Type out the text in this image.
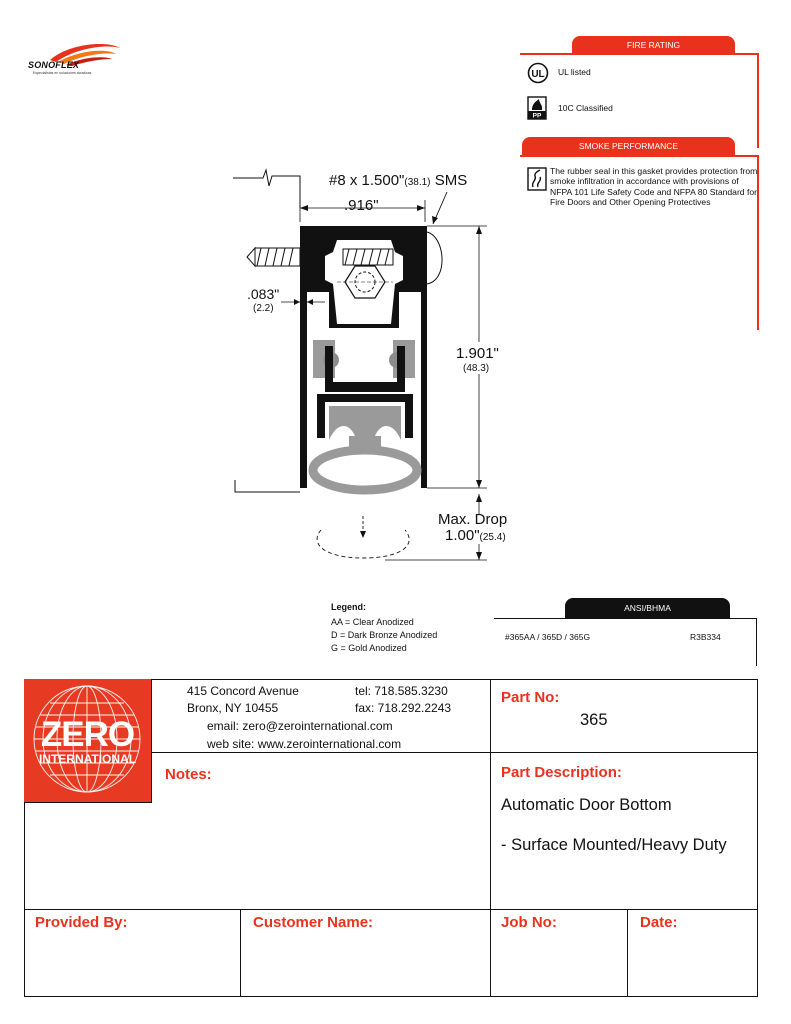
SONOFLEX
Especialistas en soluciones acústicas
FIRE RATING
UL UL listed
PP
10C Classified
SMOKE PERFORMANCE
The rubber seal in this gasket provides protection from smoke infiltration in accordance with provisions of NFPA 101 Life Safety Code and NFPA 80 Standard for Fire Doors and Other Opening Protectives
#8 x 1.500"(38.1) SMS
.916"
.083"
(2.2)
1.901"
(48.3)
Max. Drop
1.00"(25.4)
Legend:
AA = Clear Anodized
D = Dark Bronze Anodized
G = Gold Anodized
ANSI/BHMA
#365AA / 365D / 365G	R3B334
ZERO
INTERNATIONAL
415 Concord Avenue
Bronx, NY 10455
tel: 718.585.3230
fax: 718.292.2243
email: zero@zerointernational.com
web site: www.zerointernational.com
Part No:
365
Notes:	Part Description:
Automatic Door Bottom
- Surface Mounted/Heavy Duty
Provided By:	Customer Name:	Job No:	Date:
